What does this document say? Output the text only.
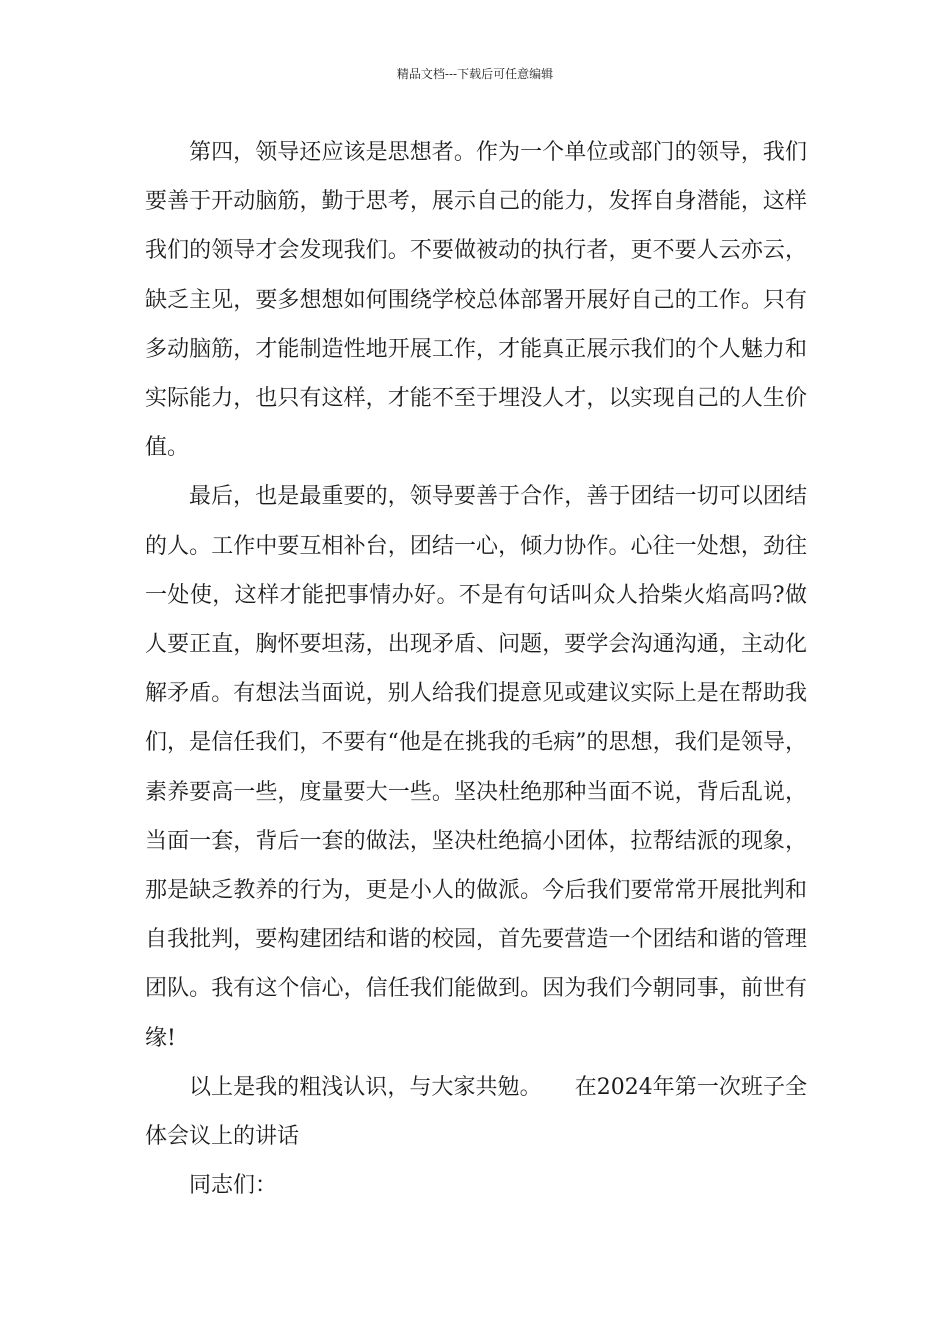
精品文档---下载后可任意编辑

第四，领导还应该是思想者。作为一个单位或部门的领导，我们要善于开动脑筋，勤于思考，展示自己的能力，发挥自身潜能，这样我们的领导才会发现我们。不要做被动的执行者，更不要人云亦云，缺乏主见，要多想想如何围绕学校总体部署开展好自己的工作。只有多动脑筋，才能制造性地开展工作，才能真正展示我们的个人魅力和实际能力，也只有这样，才能不至于埋没人才，以实现自己的人生价值。

最后，也是最重要的，领导要善于合作，善于团结一切可以团结的人。工作中要互相补台，团结一心，倾力协作。心往一处想，劲往一处使，这样才能把事情办好。不是有句话叫众人拾柴火焰高吗?做人要正直，胸怀要坦荡，出现矛盾、问题，要学会沟通沟通，主动化解矛盾。有想法当面说，别人给我们提意见或建议实际上是在帮助我们，是信任我们，不要有“他是在挑我的毛病”的思想，我们是领导，素养要高一些，度量要大一些。坚决杜绝那种当面不说，背后乱说，当面一套，背后一套的做法，坚决杜绝搞小团体，拉帮结派的现象，那是缺乏教养的行为，更是小人的做派。今后我们要常常开展批判和自我批判，要构建团结和谐的校园，首先要营造一个团结和谐的管理团队。我有这个信心，信任我们能做到。因为我们今朝同事，前世有缘!

以上是我的粗浅认识，与大家共勉。　　在2024年第一次班子全体会议上的讲话

同志们：
